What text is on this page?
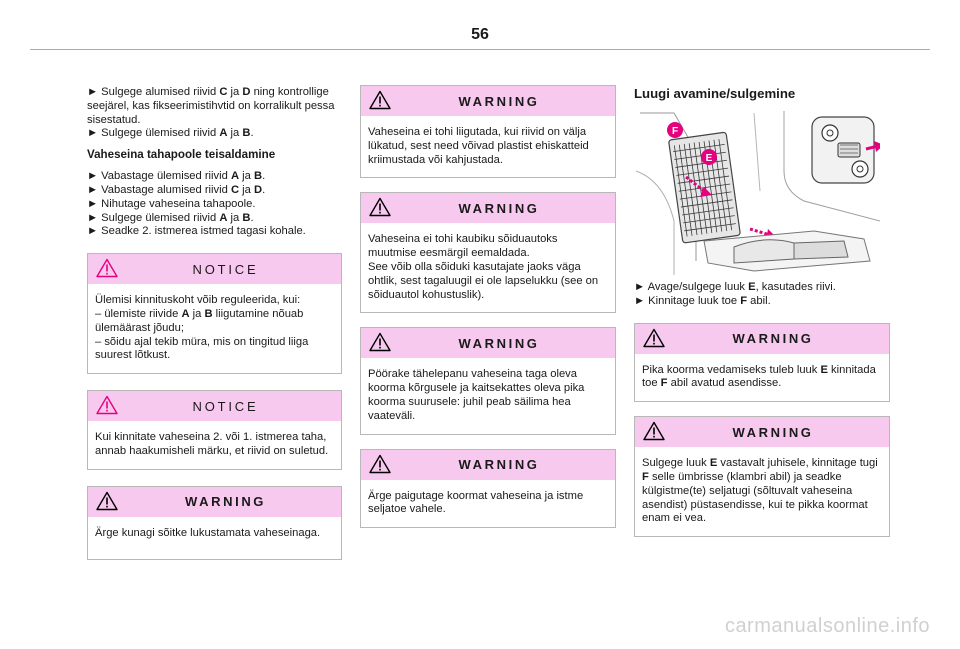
56
► Sulgege alumised riivid C ja D ning kontrollige seejärel, kas fikseerimistihvtid on korralikult pessa sisestatud.
► Sulgege ülemised riivid A ja B.
Vaheseina tahapoole teisaldamine
► Vabastage ülemised riivid A ja B.
► Vabastage alumised riivid C ja D.
► Nihutage vaheseina tahapoole.
► Sulgege ülemised riivid A ja B.
► Seadke 2. istmerea istmed tagasi kohale.
NOTICE
Ülemisi kinnituskoht võib reguleerida, kui:
– ülemiste riivide A ja B liigutamine nõuab ülemäärast jõudu;
– sõidu ajal tekib müra, mis on tingitud liiga suurest lõtkust.
NOTICE
Kui kinnitate vaheseina 2. või 1. istmerea taha, annab haakumisheli märku, et riivid on suletud.
WARNING
Ärge kunagi sõitke lukustamata vaheseinaga.
WARNING
Vaheseina ei tohi liigutada, kui riivid on välja lükatud, sest need võivad plastist ehiskatteid kriimustada või kahjustada.
WARNING
Vaheseina ei tohi kaubiku sõiduautoks muutmise eesmärgil eemaldada.
See võib olla sõiduki kasutajate jaoks väga ohtlik, sest tagaluugil ei ole lapselukku (see on sõiduautol kohustuslik).
WARNING
Pöörake tähelepanu vaheseina taga oleva koorma kõrgusele ja kaitsekattes oleva pika koorma suurusele: juhil peab säilima hea vaateväli.
WARNING
Ärge paigutage koormat vaheseina ja istme seljatoe vahele.
Luugi avamine/sulgemine
F
E
► Avage/sulgege luuk E, kasutades riivi.
► Kinnitage luuk toe F abil.
WARNING
Pika koorma vedamiseks tuleb luuk E kinnitada toe F abil avatud asendisse.
WARNING
Sulgege luuk E vastavalt juhisele, kinnitage tugi F selle ümbrisse (klambri abil) ja seadke külgistme(te) seljatugi (sõltuvalt vaheseina asendist) püstasendisse, kui te pikka koormat enam ei vea.
carmanualsonline.info
